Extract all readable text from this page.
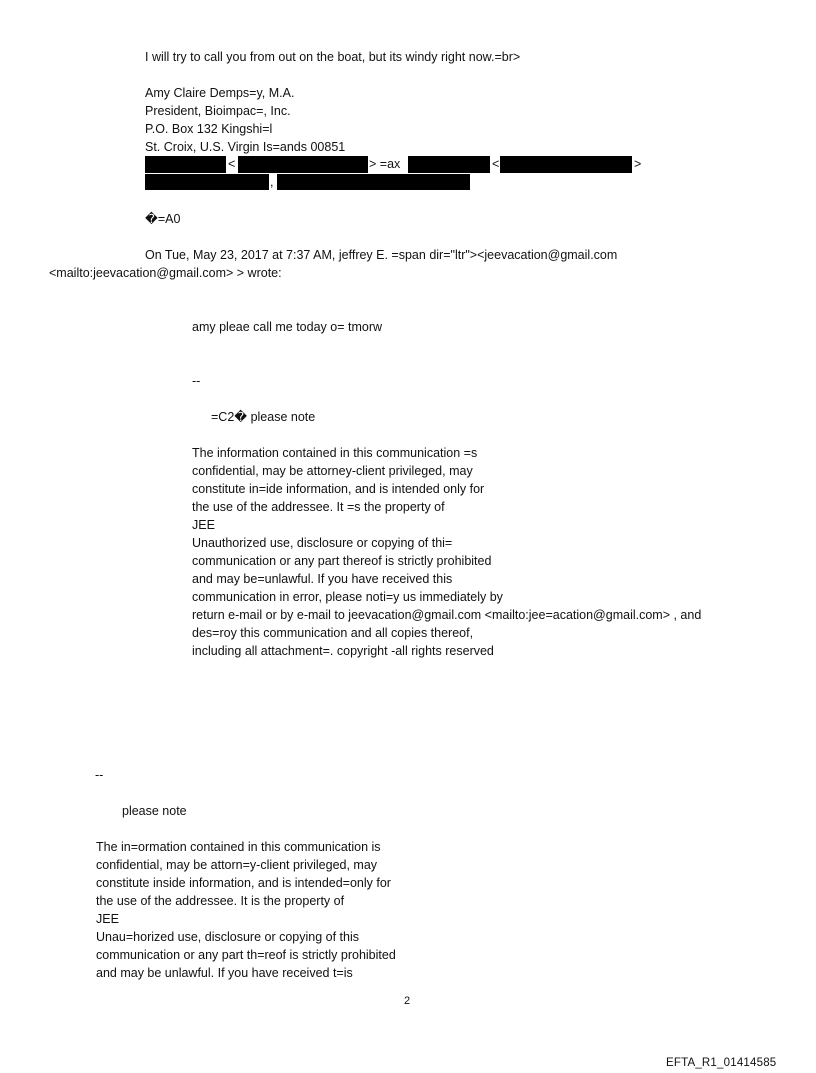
I will try to call you from out on the boat, but its windy right now.=br>
Amy Claire Demps=y, M.A.
President, Bioimpac=, Inc.
P.O. Box 132 Kingshi=l
St. Croix, U.S. Virgin Is=ands 00851
<	> =ax	<	>
,
�=A0
On Tue, May 23, 2017 at 7:37 AM, jeffrey E. =span dir="ltr"><jeevacation@gmail.com
<mailto:jeevacation@gmail.com> > wrote:
amy pleae call me today o= tmorw
--
=C2� please note
The information contained in this communication =s
confidential, may be attorney-client privileged, may
constitute in=ide information, and is intended only for
the use of the addressee. It =s the property of
JEE
Unauthorized use, disclosure or copying of thi=
communication or any part thereof is strictly prohibited
and may be=unlawful. If you have received this
communication in error, please noti=y us immediately by
return e-mail or by e-mail to jeevacation@gmail.com <mailto:jee=acation@gmail.com> , and
des=roy this communication and all copies thereof,
including all attachment=. copyright -all rights reserved
--
please note
The in=ormation contained in this communication is
confidential, may be attorn=y-client privileged, may
constitute inside information, and is intended=only for
the use of the addressee. It is the property of
JEE
Unau=horized use, disclosure or copying of this
communication or any part th=reof is strictly prohibited
and may be unlawful. If you have received t=is
2
EFTA_R1_01414585
